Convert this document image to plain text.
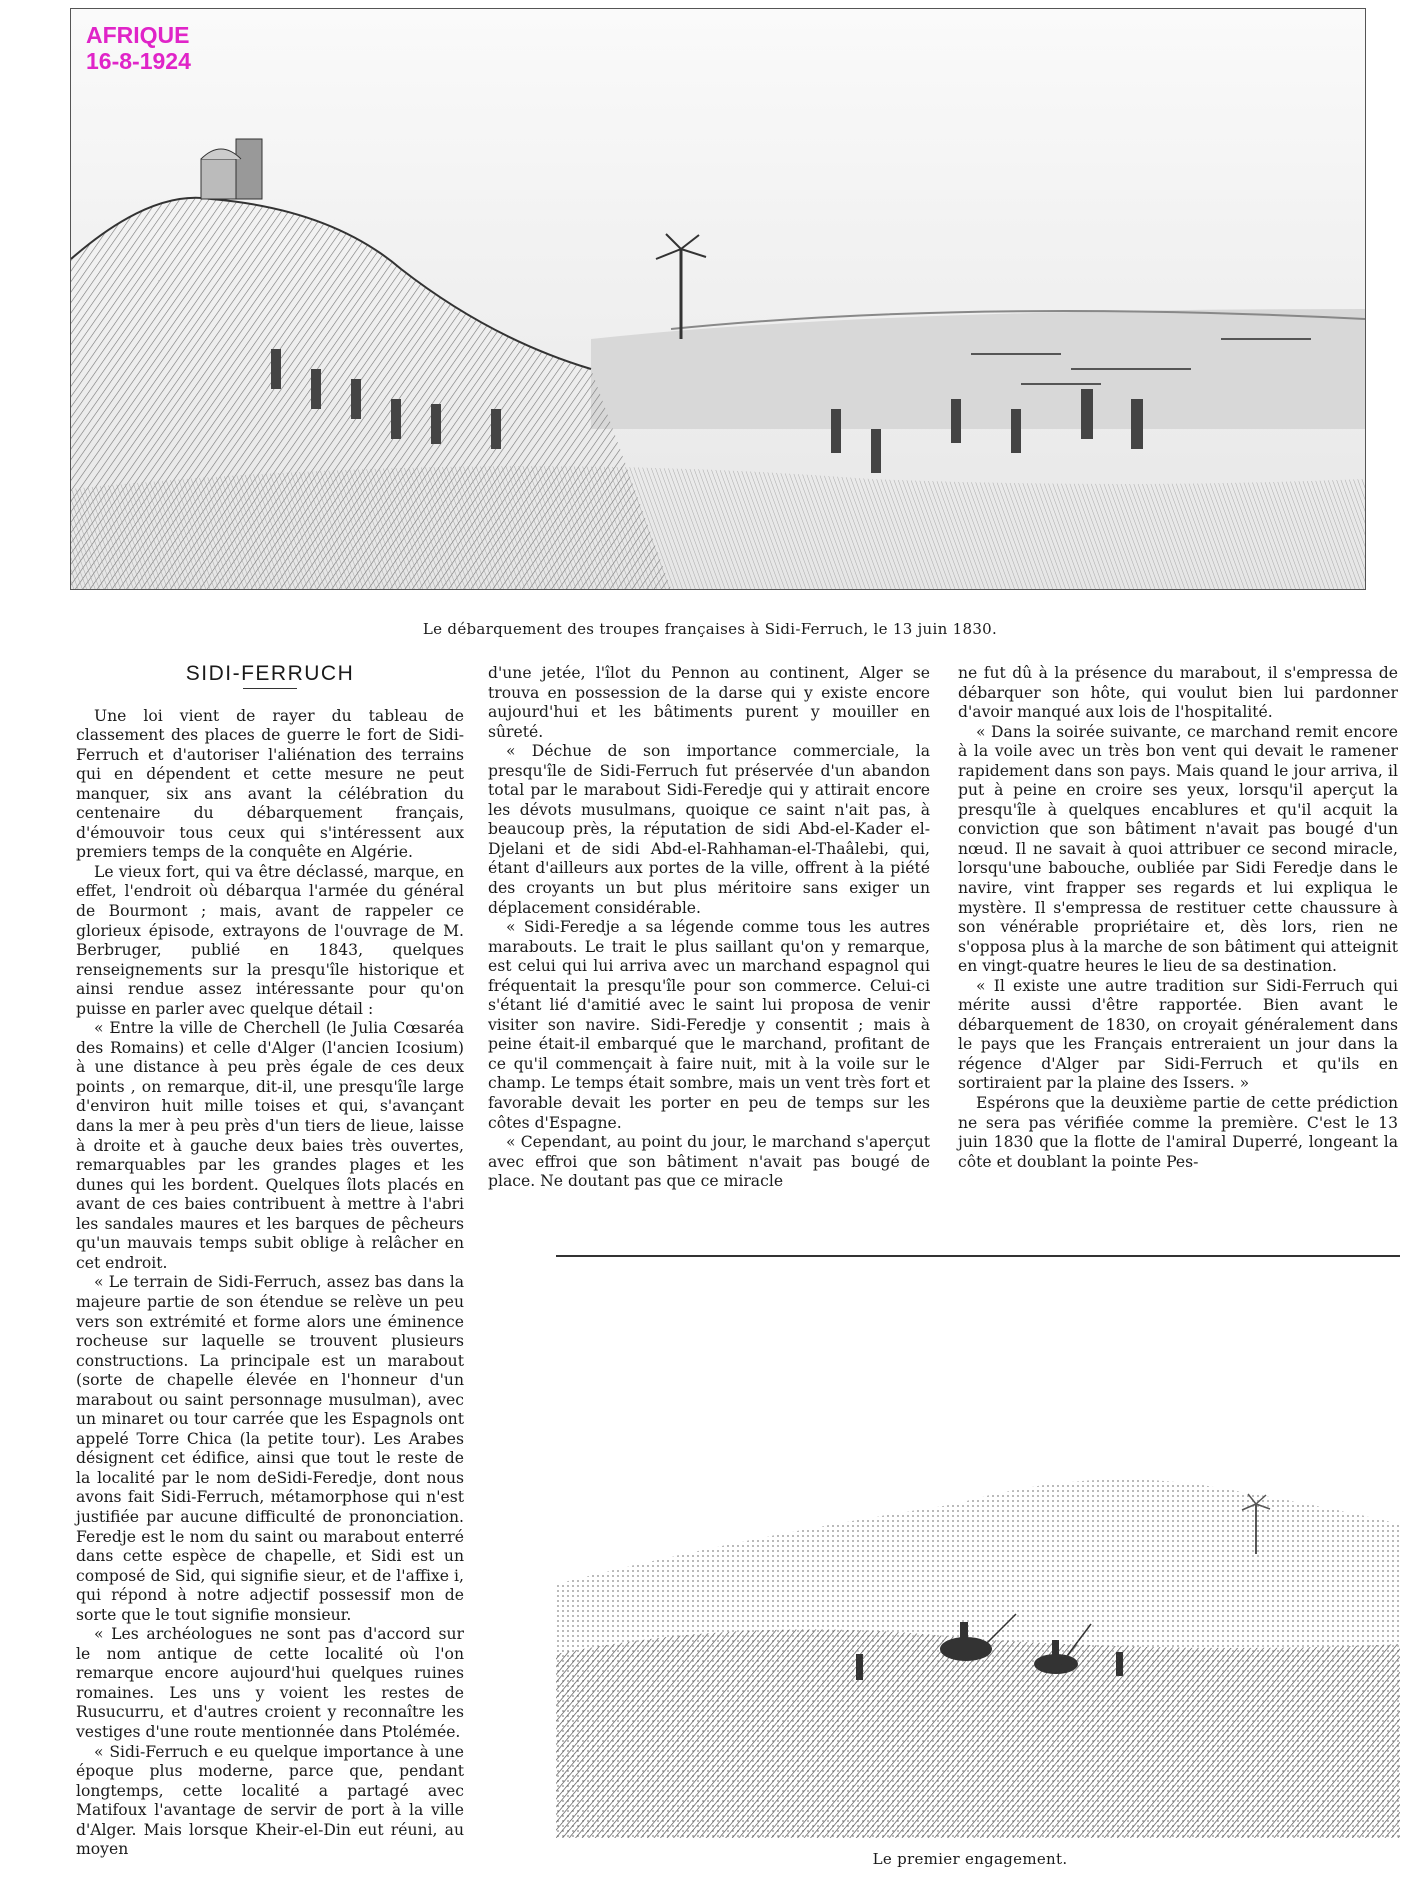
AFRIQUE
16-8-1924
Le débarquement des troupes françaises à Sidi-Ferruch, le 13 juin 1830.
SIDI-FERRUCH

Une loi vient de rayer du tableau de classement des places de guerre le fort de Sidi-Ferruch et d'autoriser l'aliénation des terrains qui en dépendent et cette mesure ne peut manquer, six ans avant la célébration du centenaire du débarquement français, d'émouvoir tous ceux qui s'intéressent aux premiers temps de la conquête en Algérie.

Le vieux fort, qui va être déclassé, marque, en effet, l'endroit où débarqua l'armée du général de Bourmont ; mais, avant de rappeler ce glorieux épisode, extrayons de l'ouvrage de M. Berbruger, publié en 1843, quelques renseignements sur la presqu'île historique et ainsi rendue assez intéressante pour qu'on puisse en parler avec quelque détail :

« Entre la ville de Cherchell (le Julia Cœsaréa des Romains) et celle d'Alger (l'ancien Icosium) à une distance à peu près égale de ces deux points , on remarque, dit-il, une presqu'île large d'environ huit mille toises et qui, s'avançant dans la mer à peu près d'un tiers de lieue, laisse à droite et à gauche deux baies très ouvertes, remarquables par les grandes plages et les dunes qui les bordent. Quelques îlots placés en avant de ces baies contribuent à mettre à l'abri les sandales maures et les barques de pêcheurs qu'un mauvais temps subit oblige à relâcher en cet endroit.

« Le terrain de Sidi-Ferruch, assez bas dans la majeure partie de son étendue se relève un peu vers son extrémité et forme alors une éminence rocheuse sur laquelle se trouvent plusieurs constructions. La principale est un marabout (sorte de chapelle élevée en l'honneur d'un marabout ou saint personnage musulman), avec un minaret ou tour carrée que les Espagnols ont appelé Torre Chica (la petite tour). Les Arabes désignent cet édifice, ainsi que tout le reste de la localité par le nom deSidi-Feredje, dont nous avons fait Sidi-Ferruch, métamorphose qui n'est justifiée par aucune difficulté de prononciation. Feredje est le nom du saint ou marabout enterré dans cette espèce de chapelle, et Sidi est un composé de Sid, qui signifie sieur, et de l'affixe i, qui répond à notre adjectif possessif mon de sorte que le tout signifie monsieur.

« Les archéologues ne sont pas d'accord sur le nom antique de cette localité où l'on remarque encore aujourd'hui quelques ruines romaines. Les uns y voient les restes de Rusucurru, et d'autres croient y reconnaître les vestiges d'une route mentionnée dans Ptolémée.

« Sidi-Ferruch e eu quelque importance à une époque plus moderne, parce que, pendant longtemps, cette localité a partagé avec Matifoux l'avantage de servir de port à la ville d'Alger. Mais lorsque Kheir-el-Din eut réuni, au moyen

d'une jetée, l'îlot du Pennon au continent, Alger se trouva en possession de la darse qui y existe encore aujourd'hui et les bâtiments purent y mouiller en sûreté.

« Déchue de son importance commerciale, la presqu'île de Sidi-Ferruch fut préservée d'un abandon total par le marabout Sidi-Feredje qui y attirait encore les dévots musulmans, quoique ce saint n'ait pas, à beaucoup près, la réputation de sidi Abd-el-Kader el-Djelani et de sidi Abd-el-Rahhaman-el-Thaâlebi, qui, étant d'ailleurs aux portes de la ville, offrent à la piété des croyants un but plus méritoire sans exiger un déplacement considérable.

« Sidi-Feredje a sa légende comme tous les autres marabouts. Le trait le plus saillant qu'on y remarque, est celui qui lui arriva avec un marchand espagnol qui fréquentait la presqu'île pour son commerce. Celui-ci s'étant lié d'amitié avec le saint lui proposa de venir visiter son navire. Sidi-Feredje y consentit ; mais à peine était-il embarqué que le marchand, profitant de ce qu'il commençait à faire nuit, mit à la voile sur le champ. Le temps était sombre, mais un vent très fort et favorable devait les porter en peu de temps sur les côtes d'Espagne.

« Cependant, au point du jour, le marchand s'aperçut avec effroi que son bâtiment n'avait pas bougé de place. Ne doutant pas que ce miracle

ne fut dû à la présence du marabout, il s'empressa de débarquer son hôte, qui voulut bien lui pardonner d'avoir manqué aux lois de l'hospitalité.

« Dans la soirée suivante, ce marchand remit encore à la voile avec un très bon vent qui devait le ramener rapidement dans son pays. Mais quand le jour arriva, il put à peine en croire ses yeux, lorsqu'il aperçut la presqu'île à quelques encablures et qu'il acquit la conviction que son bâtiment n'avait pas bougé d'un nœud. Il ne savait à quoi attribuer ce second miracle, lorsqu'une babouche, oubliée par Sidi Feredje dans le navire, vint frapper ses regards et lui expliqua le mystère. Il s'empressa de restituer cette chaussure à son vénérable propriétaire et, dès lors, rien ne s'opposa plus à la marche de son bâtiment qui atteignit en vingt-quatre heures le lieu de sa destination.

« Il existe une autre tradition sur Sidi-Ferruch qui mérite aussi d'être rapportée. Bien avant le débarquement de 1830, on croyait généralement dans le pays que les Français entreraient un jour dans la régence d'Alger par Sidi-Ferruch et qu'ils en sortiraient par la plaine des Issers. »

Espérons que la deuxième partie de cette prédiction ne sera pas vérifiée comme la première. C'est le 13 juin 1830 que la flotte de l'amiral Duperré, longeant la côte et doublant la pointe Pes-

Le premier engagement.
